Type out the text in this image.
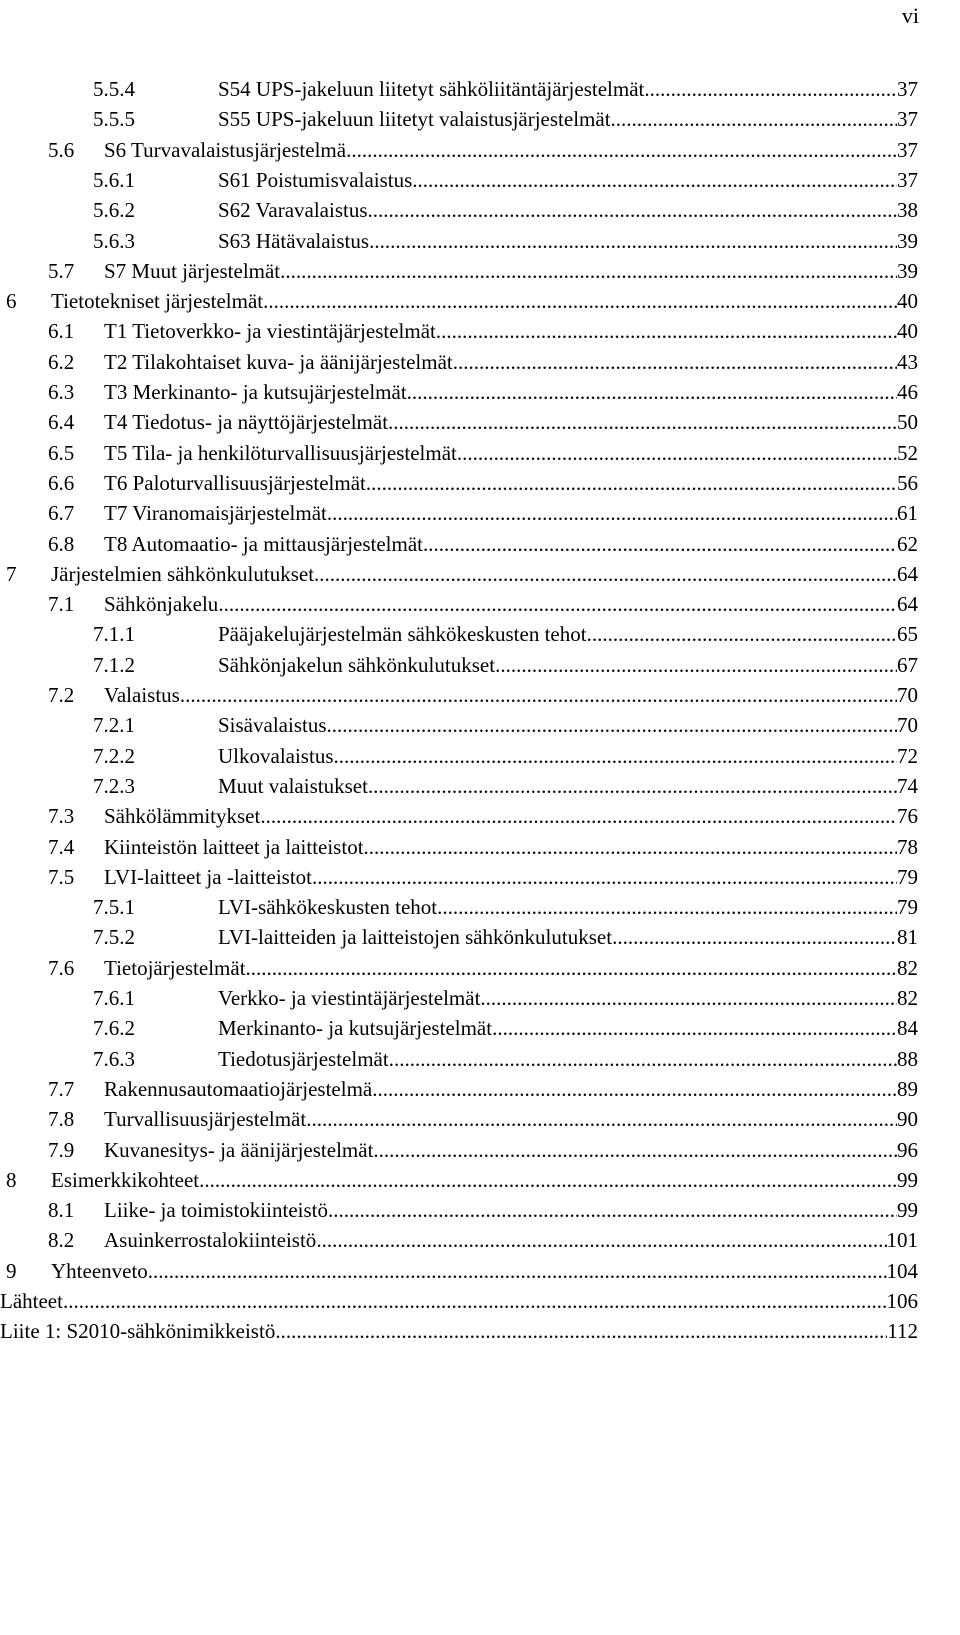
vi
5.5.4	S54 UPS-jakeluun liitetyt sähköliitäntäjärjestelmät .....	37
5.5.5	S55 UPS-jakeluun liitetyt valaistusjärjestelmät .....	37
5.6 S6 Turvavalaistusjärjestelmä .....	37
5.6.1	S61 Poistumisvalaistus .....	37
5.6.2	S62 Varavalaistus .....	38
5.6.3	S63 Hätävalaistus .....	39
5.7 S7 Muut järjestelmät .....	39
6 Tietotekniset järjestelmät .....	40
6.1 T1 Tietoverkko- ja viestintäjärjestelmät .....	40
6.2 T2 Tilakohtaiset kuva- ja äänijärjestelmät .....	43
6.3 T3 Merkinanto- ja kutsujärjestelmät .....	46
6.4 T4 Tiedotus- ja näyttöjärjestelmät .....	50
6.5 T5 Tila- ja henkilöturvallisuusjärjestelmät .....	52
6.6 T6 Paloturvallisuusjärjestelmät .....	56
6.7 T7 Viranomaisjärjestelmät .....	61
6.8 T8 Automaatio- ja mittausjärjestelmät .....	62
7 Järjestelmien sähkönkulutukset .....	64
7.1 Sähkönjakelu .....	64
7.1.1	Pääjakelujärjestelmän sähkökeskusten tehot .....	65
7.1.2	Sähkönjakelun sähkönkulutukset .....	67
7.2 Valaistus .....	70
7.2.1	Sisävalaistus .....	70
7.2.2	Ulkovalaistus .....	72
7.2.3	Muut valaistukset .....	74
7.3 Sähkölämmitykset .....	76
7.4 Kiinteistön laitteet ja laitteistot .....	78
7.5 LVI-laitteet ja -laitteistot .....	79
7.5.1	LVI-sähkökeskusten tehot .....	79
7.5.2	LVI-laitteiden ja laitteistojen sähkönkulutukset .....	81
7.6 Tietojärjestelmät .....	82
7.6.1	Verkko- ja viestintäjärjestelmät .....	82
7.6.2	Merkinanto- ja kutsujärjestelmät .....	84
7.6.3	Tiedotusjärjestelmät .....	88
7.7 Rakennusautomaatiojärjestelmä .....	89
7.8 Turvallisuusjärjestelmät .....	90
7.9 Kuvanesitys- ja äänijärjestelmät .....	96
8 Esimerkkikohteet .....	99
8.1 Liike- ja toimistokiinteistö .....	99
8.2 Asuinkerrostalokiinteistö .....	101
9 Yhteenveto .....	104
Lähteet .....	106
Liite 1: S2010-sähkönimikkeistö .....	112
